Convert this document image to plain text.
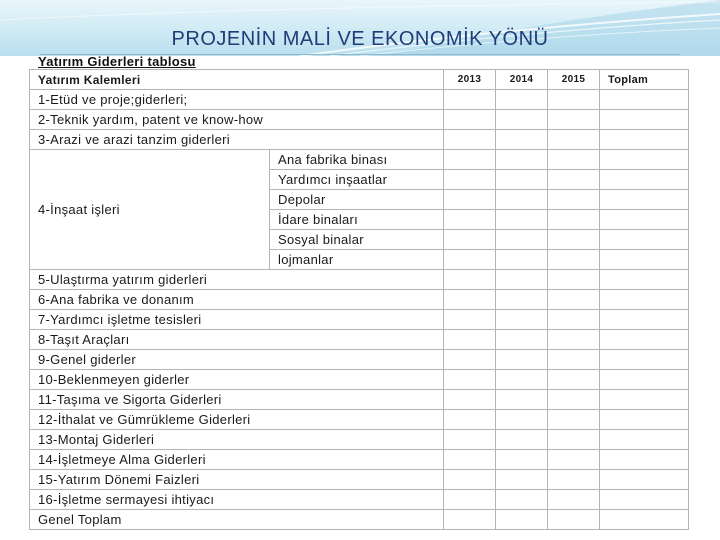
PROJENİN MALİ VE EKONOMİK YÖNÜ
Yatırım Giderleri tablosu
Yatırım Kalemleri		2013	2014	2015	Toplam
1-Etüd ve proje;giderleri;					
2-Teknik yardım, patent ve know-how					
3-Arazi ve arazi tanzim giderleri					
4-İnşaat işleri	Ana fabrika binası				
	Yardımcı inşaatlar				
	Depolar				
	İdare binaları				
	Sosyal binalar				
	lojmanlar				
5-Ulaştırma yatırım giderleri					
6-Ana fabrika ve donanım					
7-Yardımcı işletme tesisleri					
8-Taşıt Araçları					
9-Genel giderler					
10-Beklenmeyen giderler					
11-Taşıma ve Sigorta Giderleri					
12-İthalat ve Gümrükleme Giderleri					
13-Montaj Giderleri					
14-İşletmeye Alma Giderleri					
15-Yatırım Dönemi Faizleri					
16-İşletme sermayesi ihtiyacı					
Genel Toplam					
